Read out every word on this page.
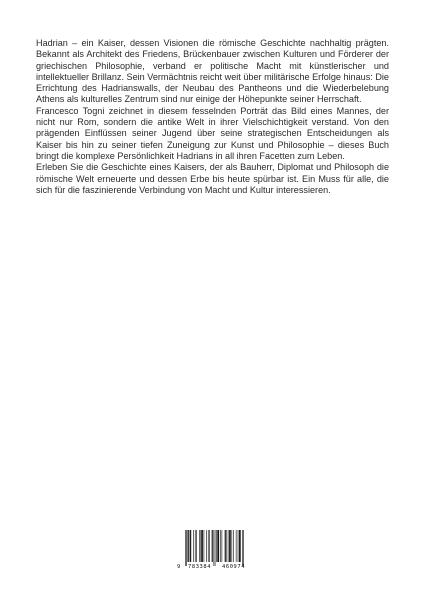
Hadrian – ein Kaiser, dessen Visionen die römische Geschichte nachhaltig prägten. Bekannt als Architekt des Friedens, Brückenbauer zwischen Kulturen und Förderer der griechischen Philosophie, verband er politische Macht mit künstlerischer und intellektueller Brillanz. Sein Vermächtnis reicht weit über militärische Erfolge hinaus: Die Errichtung des Hadrianswalls, der Neubau des Pantheons und die Wiederbelebung Athens als kulturelles Zentrum sind nur einige der Höhepunkte seiner Herrschaft.

Francesco Togni zeichnet in diesem fesselnden Porträt das Bild eines Mannes, der nicht nur Rom, sondern die antike Welt in ihrer Vielschichtigkeit verstand. Von den prägenden Einflüssen seiner Jugend über seine strategischen Entscheidungen als Kaiser bis hin zu seiner tiefen Zuneigung zur Kunst und Philosophie – dieses Buch bringt die komplexe Persönlichkeit Hadrians in all ihren Facetten zum Leben.

Erleben Sie die Geschichte eines Kaisers, der als Bauherr, Diplomat und Philosoph die römische Welt erneuerte und dessen Erbe bis heute spürbar ist. Ein Muss für alle, die sich für die faszinierende Verbindung von Macht und Kultur interessieren.

9 783384 460974
